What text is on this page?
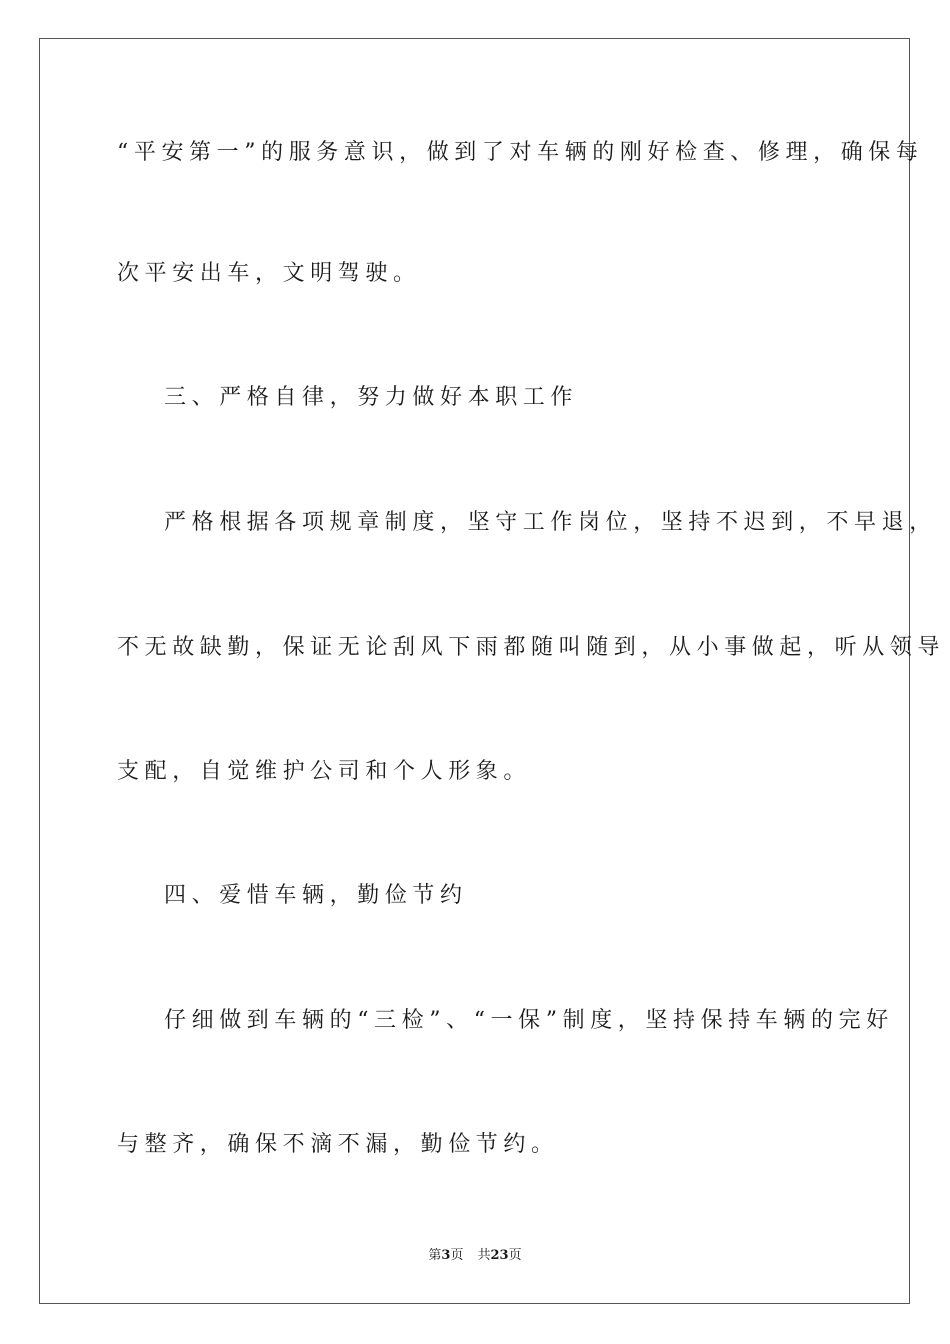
“平安第一”的服务意识，做到了对车辆的刚好检查、修理，确保每
次平安出车，文明驾驶。
三、严格自律，努力做好本职工作
严格根据各项规章制度，坚守工作岗位，坚持不迟到，不早退，
不无故缺勤，保证无论刮风下雨都随叫随到，从小事做起，听从领导
支配，自觉维护公司和个人形象。
四、爱惜车辆，勤俭节约
仔细做到车辆的“三检”、“一保”制度，坚持保持车辆的完好
与整齐，确保不滴不漏，勤俭节约。
第3页 共23页
